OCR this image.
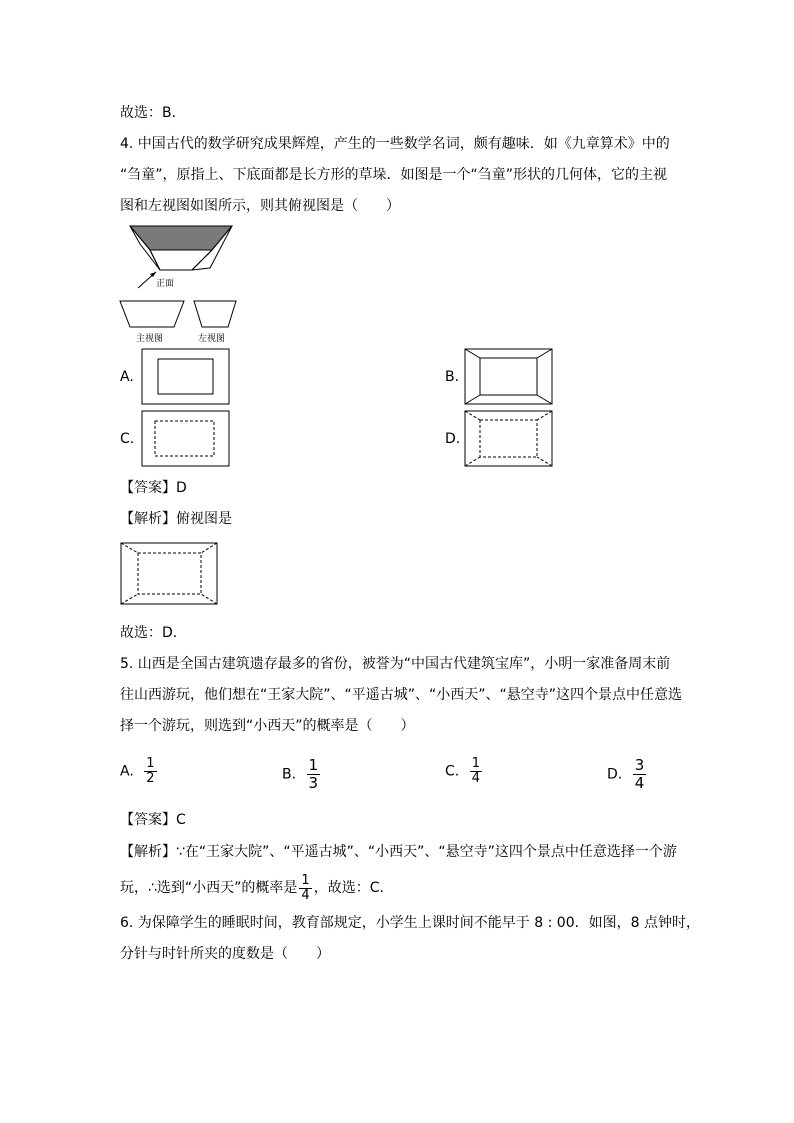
故选：B．
4. 中国古代的数学研究成果辉煌，产生的一些数学名词，颇有趣味．如《九章算术》中的
“刍童”，原指上、下底面都是长方形的草垛．如图是一个“刍童”形状的几何体，它的主视
图和左视图如图所示，则其俯视图是（　　）
正面
主视图	左视图
A.	B.
C.	D.
【答案】D
【解析】俯视图是
故选：D．
5. 山西是全国古建筑遗存最多的省份，被誉为“中国古代建筑宝库”，小明一家准备周末前
往山西游玩，他们想在“王家大院”、“平遥古城”、“小西天”、“悬空寺”这四个景点中任意选
择一个游玩，则选到“小西天”的概率是（　　）
A. $\frac{1}{2}$	B. $\frac{1}{3}$	C. $\frac{1}{4}$	D. $\frac{3}{4}$
【答案】C
【解析】∵在“王家大院”、“平遥古城”、“小西天”、“悬空寺”这四个景点中任意选择一个游
玩，∴选到“小西天”的概率是 $\frac{1}{4}$ ，故选：C.
6. 为保障学生的睡眠时间，教育部规定，小学生上课时间不能早于 8 : 00．如图，8 点钟时，
分针与时针所夹的度数是（　　）
